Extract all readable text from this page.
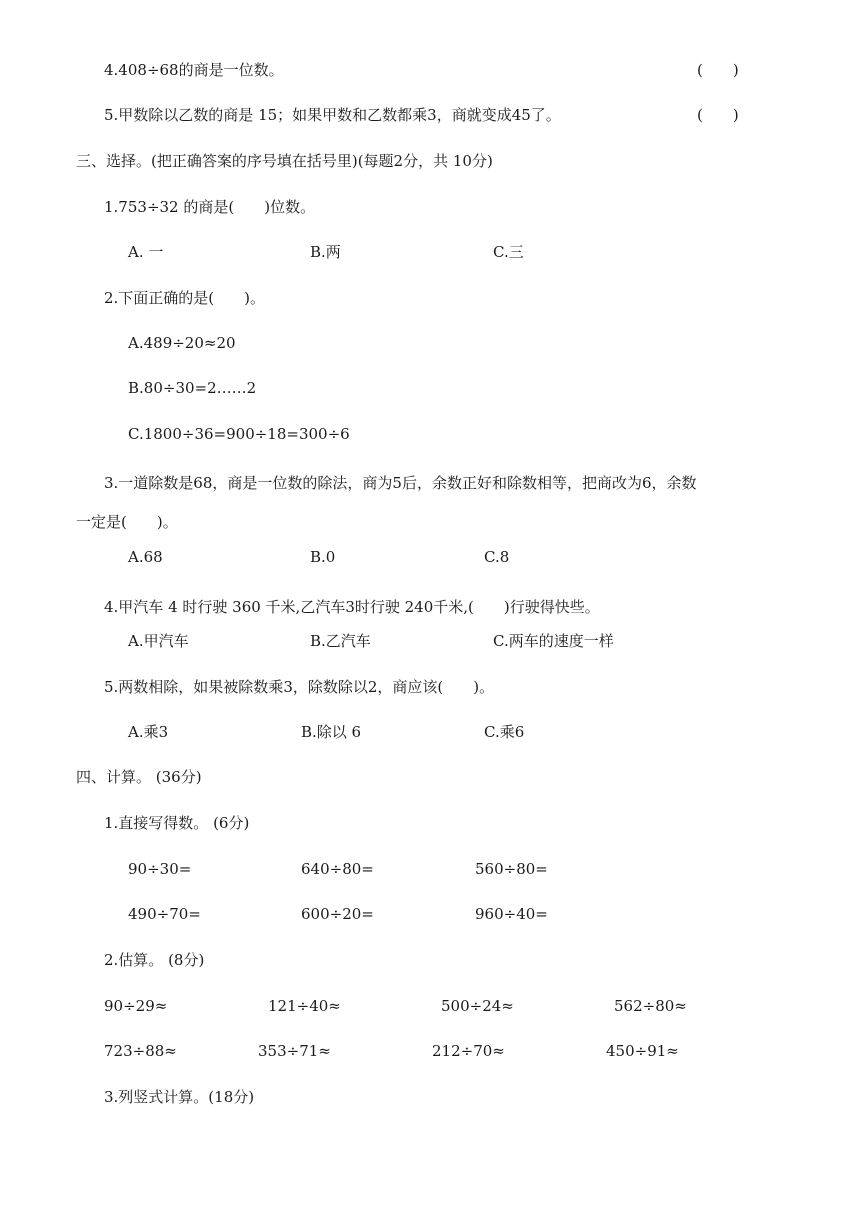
4.408÷68的商是一位数。	(　　)
5.甲数除以乙数的商是 15；如果甲数和乙数都乘3，商就变成45了。	(　　)
三、选择。(把正确答案的序号填在括号里)(每题2分，共 10分)
1.753÷32 的商是(　　)位数。
A. 一	B.两	C.三
2.下面正确的是(　　)。
A.489÷20≈20
B.80÷30=2……2
C.1800÷36=900÷18=300÷6
3.一道除数是68，商是一位数的除法，商为5后，余数正好和除数相等，把商改为6，余数
一定是(　　)。
A.68	B.0	C.8
4.甲汽车 4 时行驶 360 千米,乙汽车3时行驶 240千米,(　　)行驶得快些。
A.甲汽车	B.乙汽车	C.两车的速度一样
5.两数相除，如果被除数乘3，除数除以2，商应该(　　)。
A.乘3	B.除以 6	C.乘6
四、计算。 (36分)
1.直接写得数。 (6分)
90÷30=	640÷80=	560÷80=
490÷70=	600÷20=	960÷40=
2.估算。 (8分)
90÷29≈	121÷40≈	500÷24≈	562÷80≈
723÷88≈	353÷71≈	212÷70≈	450÷91≈
3.列竖式计算。(18分)
